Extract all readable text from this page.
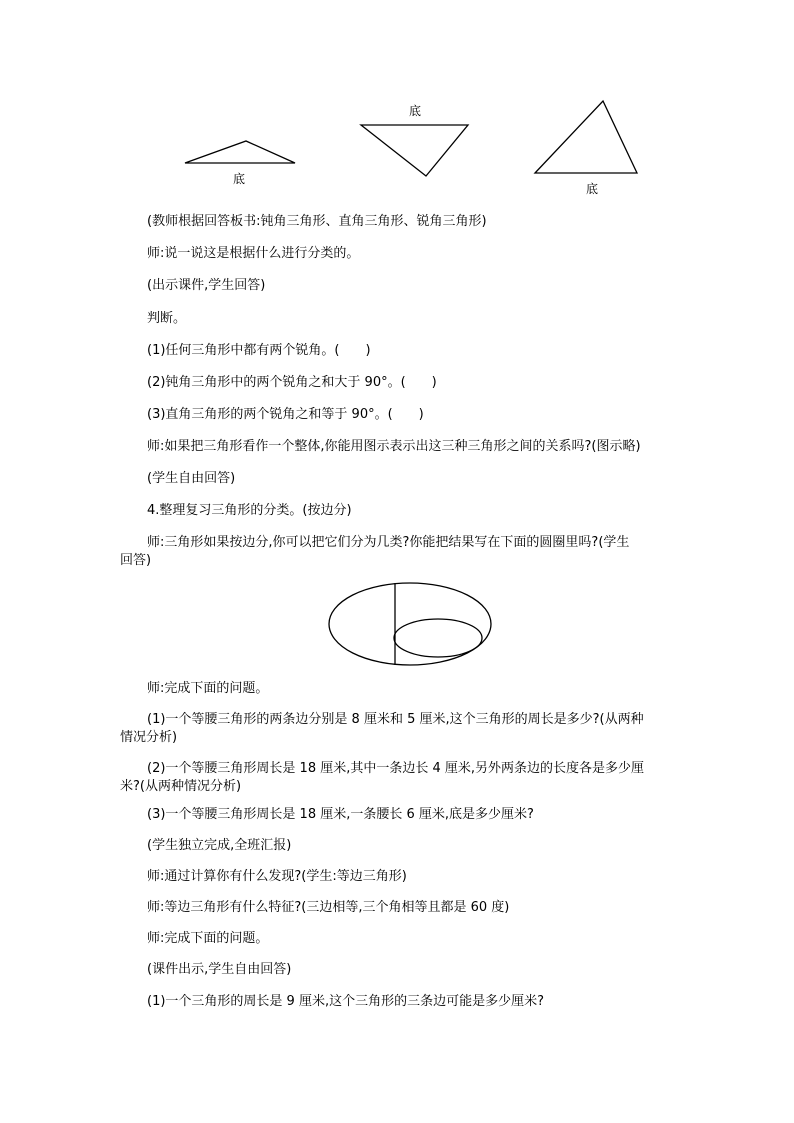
底
底
底
(教师根据回答板书:钝角三角形、直角三角形、锐角三角形)
师:说一说这是根据什么进行分类的。
(出示课件,学生回答)
判断。
(1)任何三角形中都有两个锐角。(　　)
(2)钝角三角形中的两个锐角之和大于 90°。(　　)
(3)直角三角形的两个锐角之和等于 90°。(　　)
师:如果把三角形看作一个整体,你能用图示表示出这三种三角形之间的关系吗?(图示略)
(学生自由回答)
4.整理复习三角形的分类。(按边分)
师:三角形如果按边分,你可以把它们分为几类?你能把结果写在下面的圆圈里吗?(学生
回答)
师:完成下面的问题。
(1)一个等腰三角形的两条边分别是 8 厘米和 5 厘米,这个三角形的周长是多少?(从两种
情况分析)
(2)一个等腰三角形周长是 18 厘米,其中一条边长 4 厘米,另外两条边的长度各是多少厘
米?(从两种情况分析)
(3)一个等腰三角形周长是 18 厘米,一条腰长 6 厘米,底是多少厘米?
(学生独立完成,全班汇报)
师:通过计算你有什么发现?(学生:等边三角形)
师:等边三角形有什么特征?(三边相等,三个角相等且都是 60 度)
师:完成下面的问题。
(课件出示,学生自由回答)
(1)一个三角形的周长是 9 厘米,这个三角形的三条边可能是多少厘米?
